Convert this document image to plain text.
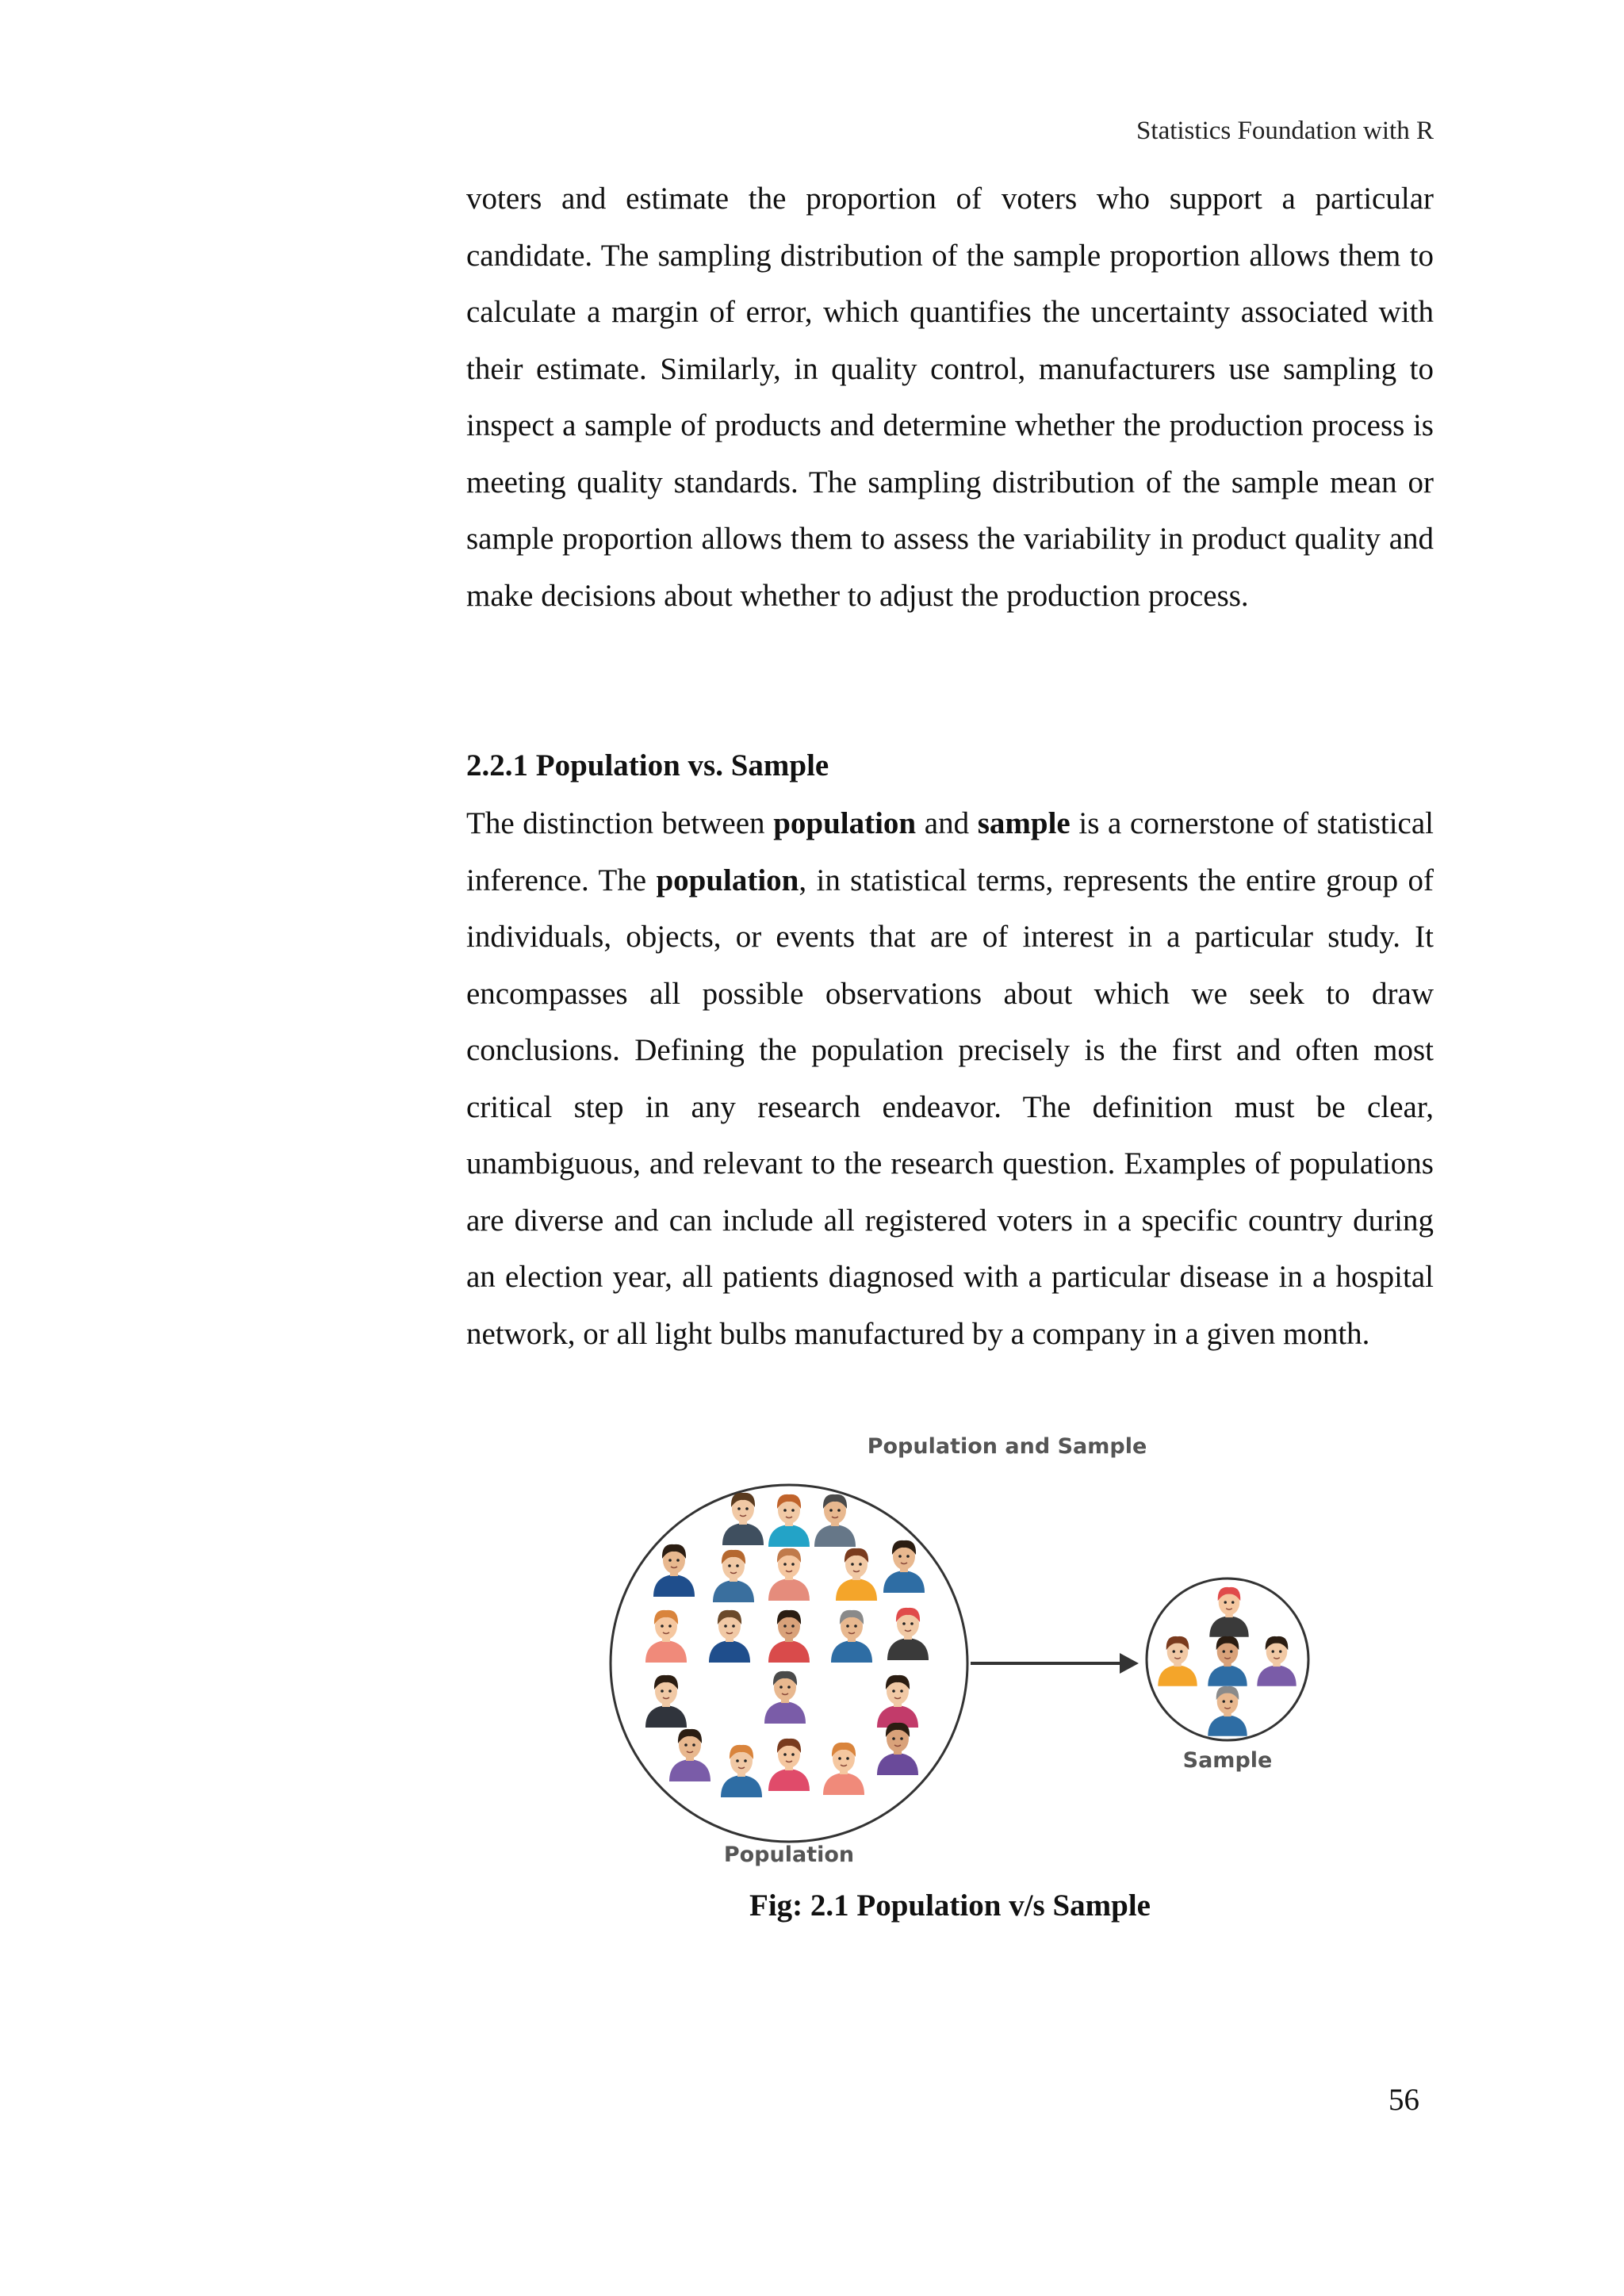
Statistics Foundation with R

voters and estimate the proportion of voters who support a particular candidate. The sampling distribution of the sample proportion allows them to calculate a margin of error, which quantifies the uncertainty associated with their estimate. Similarly, in quality control, manufacturers use sampling to inspect a sample of products and determine whether the production process is meeting quality standards. The sampling distribution of the sample mean or sample proportion allows them to assess the variability in product quality and make decisions about whether to adjust the production process.

2.2.1 Population vs. Sample

The distinction between population and sample is a cornerstone of statistical inference. The population, in statistical terms, represents the entire group of individuals, objects, or events that are of interest in a particular study. It encompasses all possible observations about which we seek to draw conclusions. Defining the population precisely is the first and often most critical step in any research endeavor. The definition must be clear, unambiguous, and relevant to the research question. Examples of populations are diverse and can include all registered voters in a specific country during an election year, all patients diagnosed with a particular disease in a hospital network, or all light bulbs manufactured by a company in a given month.

Population and Sample
Sample
Population
Fig: 2.1 Population v/s Sample
56
